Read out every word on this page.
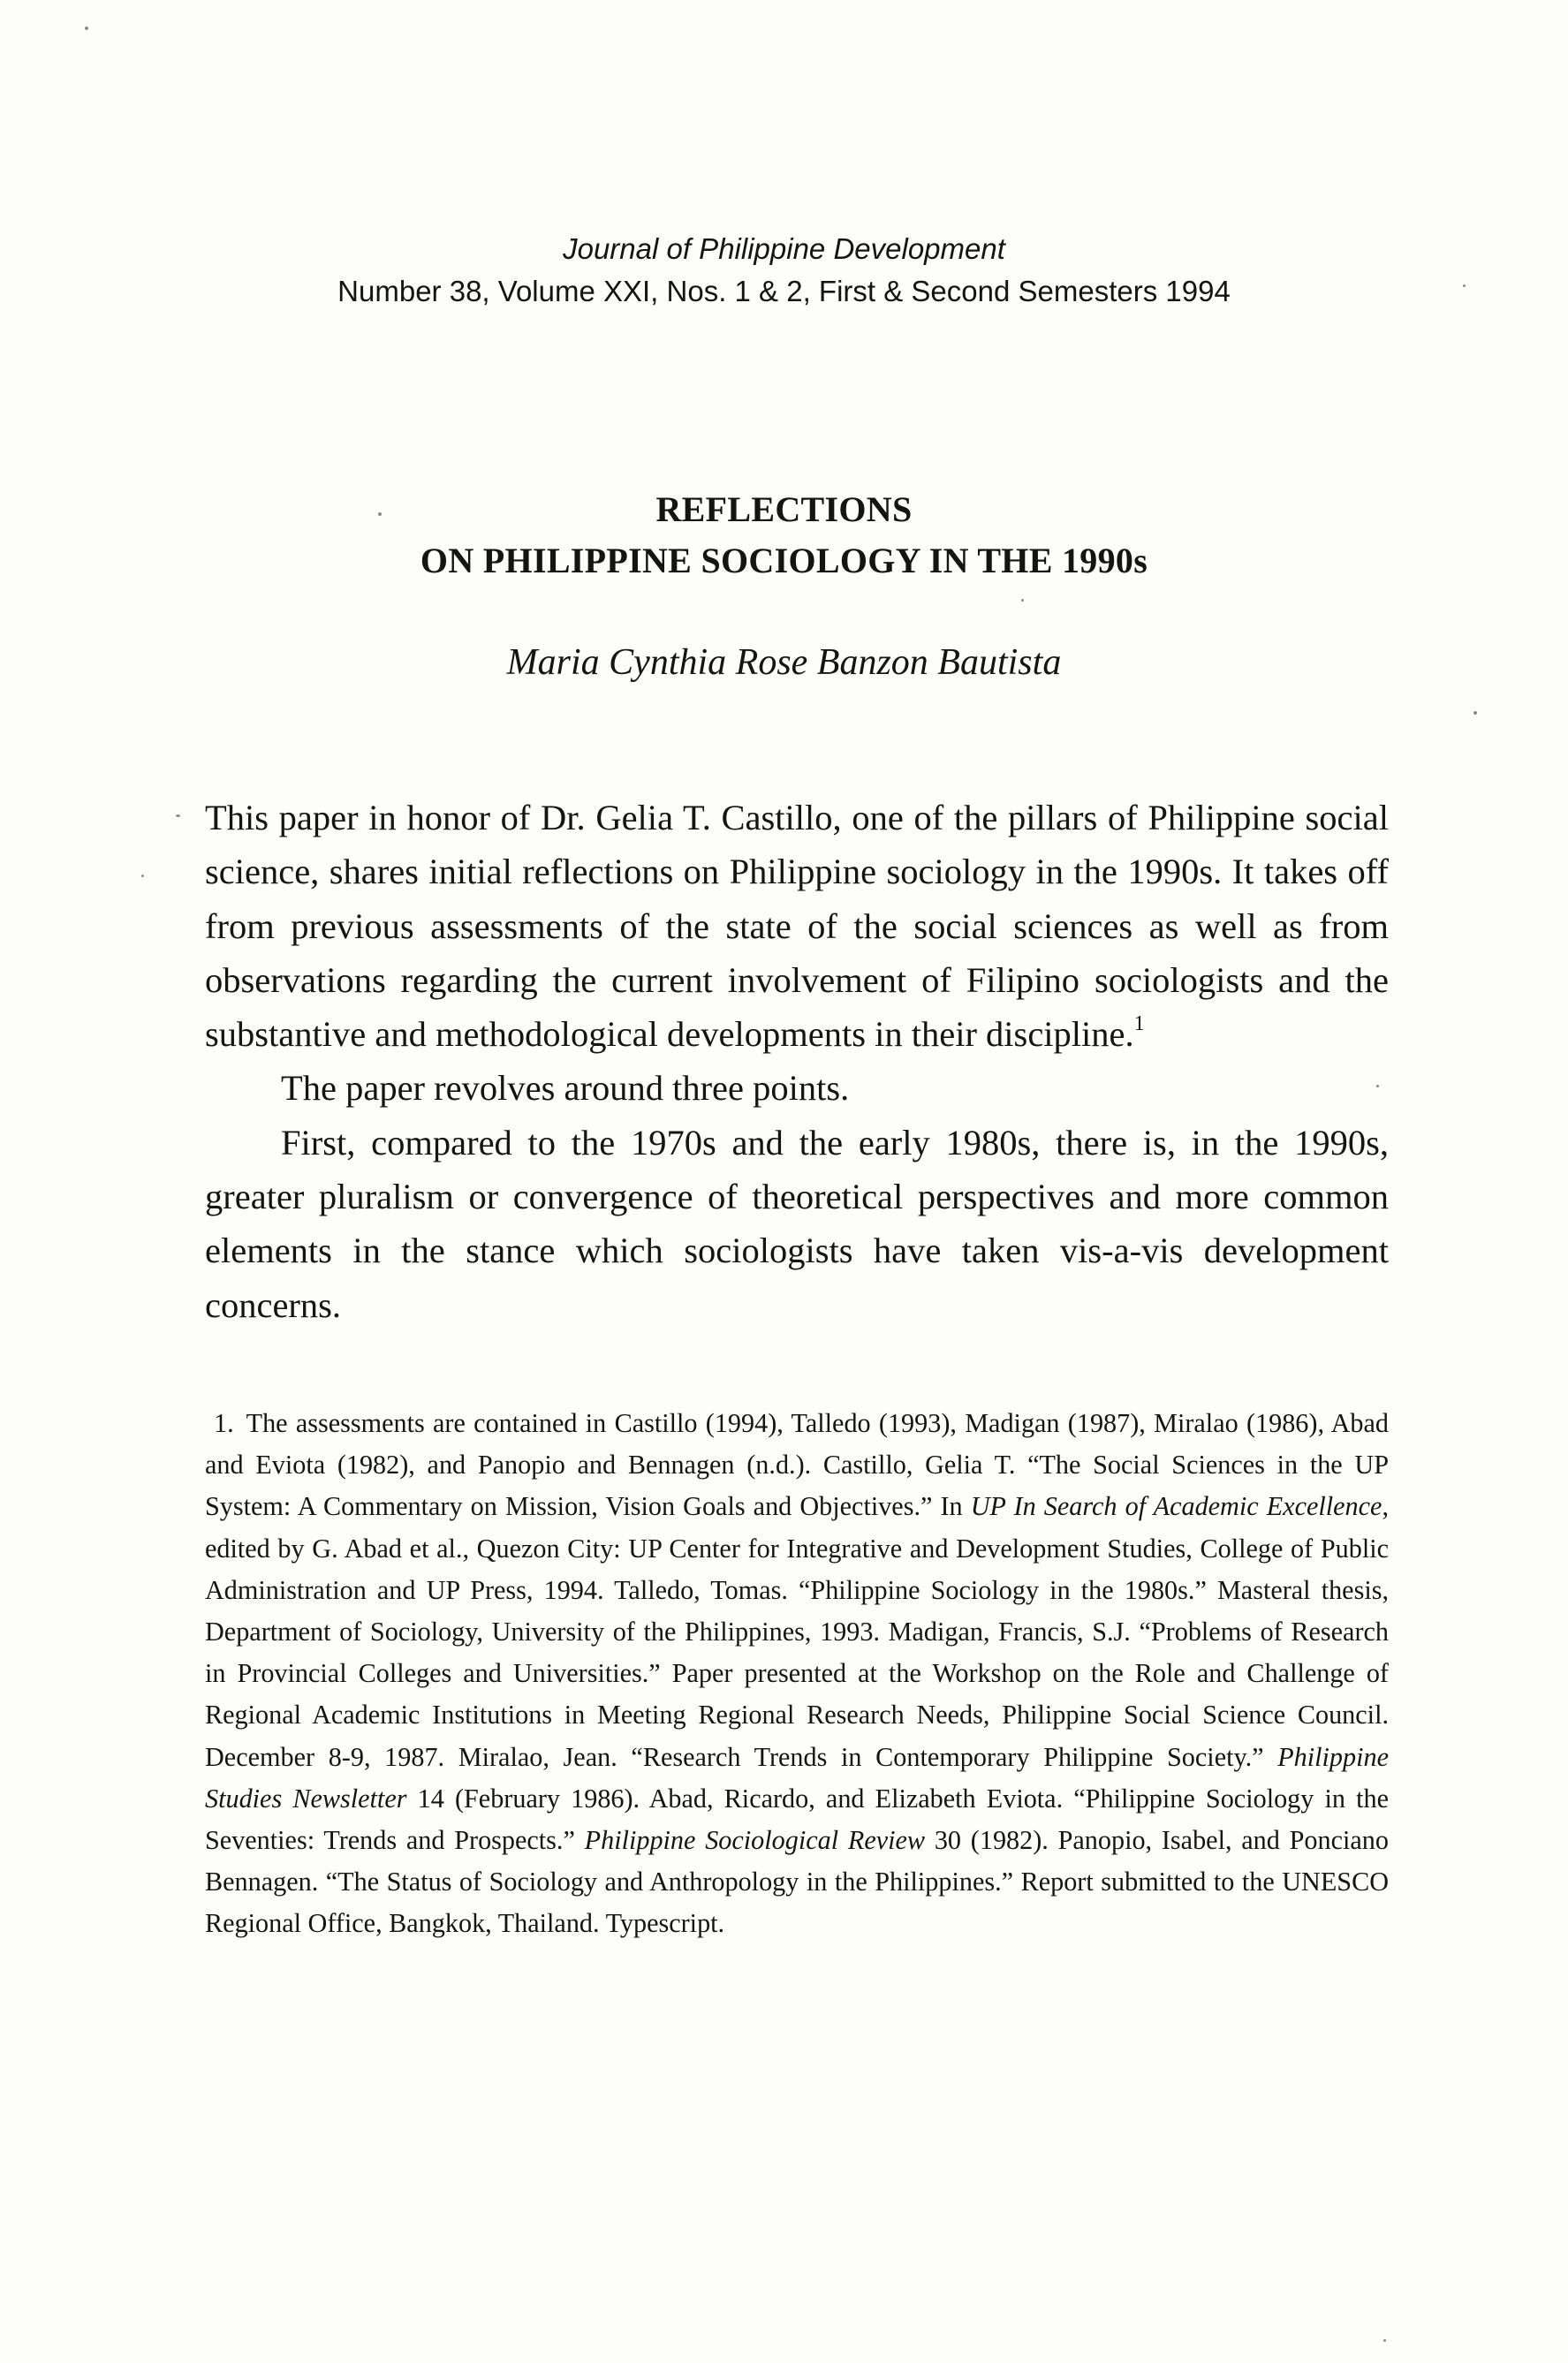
Journal of Philippine Development
Number 38, Volume XXI, Nos. 1 & 2, First & Second Semesters 1994
REFLECTIONS
ON PHILIPPINE SOCIOLOGY IN THE 1990s
Maria Cynthia Rose Banzon Bautista

This paper in honor of Dr. Gelia T. Castillo, one of the pillars of Philippine social science, shares initial reflections on Philippine sociology in the 1990s. It takes off from previous assessments of the state of the social sciences as well as from observations regarding the current involvement of Filipino sociologists and the substantive and methodological developments in their discipline.$^1$

The paper revolves around three points.

First, compared to the 1970s and the early 1980s, there is, in the 1990s, greater pluralism or convergence of theoretical perspectives and more common elements in the stance which sociologists have taken vis-a-vis development concerns.

1. The assessments are contained in Castillo (1994), Talledo (1993), Madigan (1987), Miralao (1986), Abad and Eviota (1982), and Panopio and Bennagen (n.d.). Castillo, Gelia T. “The Social Sciences in the UP System: A Commentary on Mission, Vision Goals and Objectives.” In UP In Search of Academic Excellence, edited by G. Abad et al., Quezon City: UP Center for Integrative and Development Studies, College of Public Administration and UP Press, 1994. Talledo, Tomas. “Philippine Sociology in the 1980s.” Masteral thesis, Department of Sociology, University of the Philippines, 1993. Madigan, Francis, S.J. “Problems of Research in Provincial Colleges and Universities.” Paper presented at the Workshop on the Role and Challenge of Regional Academic Institutions in Meeting Regional Research Needs, Philippine Social Science Council. December 8-9, 1987. Miralao, Jean. “Research Trends in Contemporary Philippine Society.” Philippine Studies Newsletter 14 (February 1986). Abad, Ricardo, and Elizabeth Eviota. “Philippine Sociology in the Seventies: Trends and Prospects.” Philippine Sociological Review 30 (1982). Panopio, Isabel, and Ponciano Bennagen. “The Status of Sociology and Anthropology in the Philippines.” Report submitted to the UNESCO Regional Office, Bangkok, Thailand. Typescript.
